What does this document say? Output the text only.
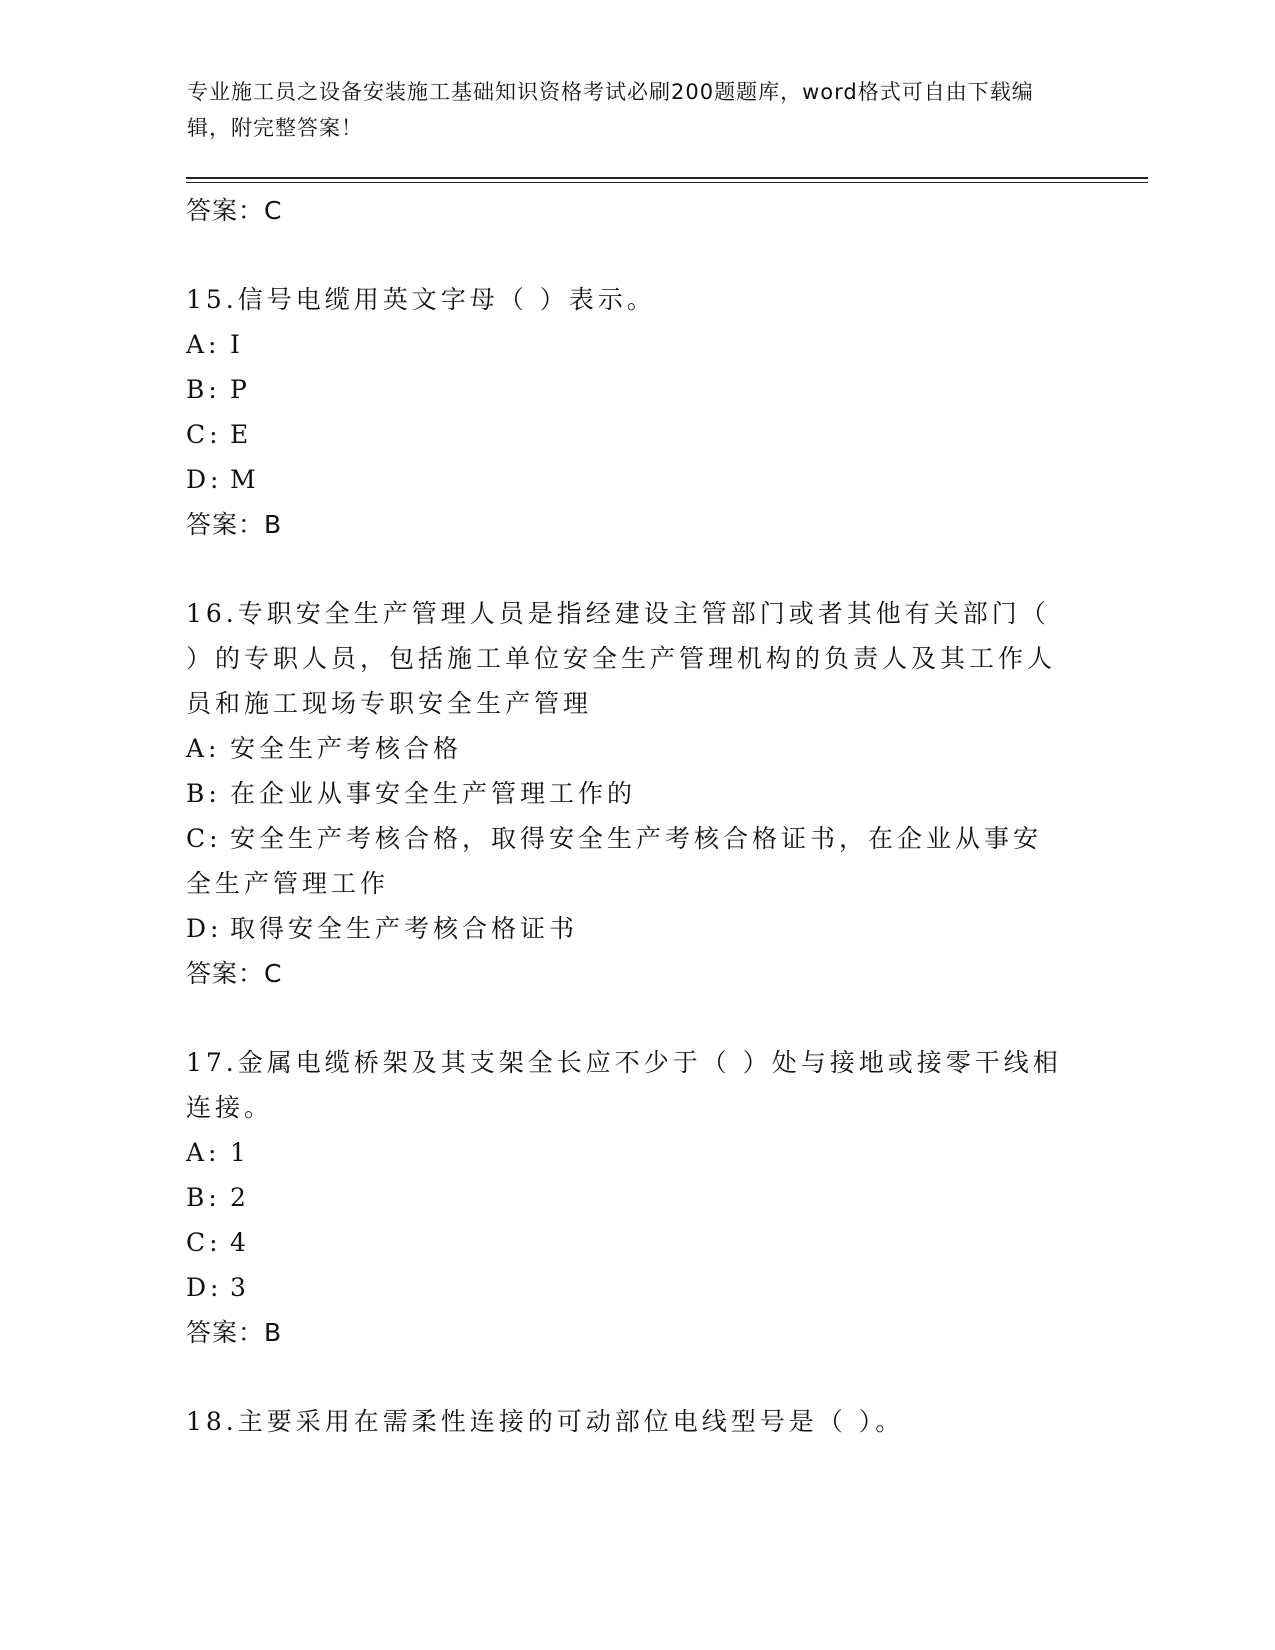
专业施工员之设备安装施工基础知识资格考试必刷200题题库，word格式可自由下载编辑，附完整答案！
答案：C
15.信号电缆用英文字母（ ）表示。
A: I
B: P
C: E
D: M
答案：B
16.专职安全生产管理人员是指经建设主管部门或者其他有关部门（ ）的专职人员，包括施工单位安全生产管理机构的负责人及其工作人员和施工现场专职安全生产管理
A: 安全生产考核合格
B: 在企业从事安全生产管理工作的
C: 安全生产考核合格，取得安全生产考核合格证书，在企业从事安全生产管理工作
D: 取得安全生产考核合格证书
答案：C
17.金属电缆桥架及其支架全长应不少于（ ）处与接地或接零干线相连接。
A: 1
B: 2
C: 4
D: 3
答案：B
18.主要采用在需柔性连接的可动部位电线型号是（ ）。
